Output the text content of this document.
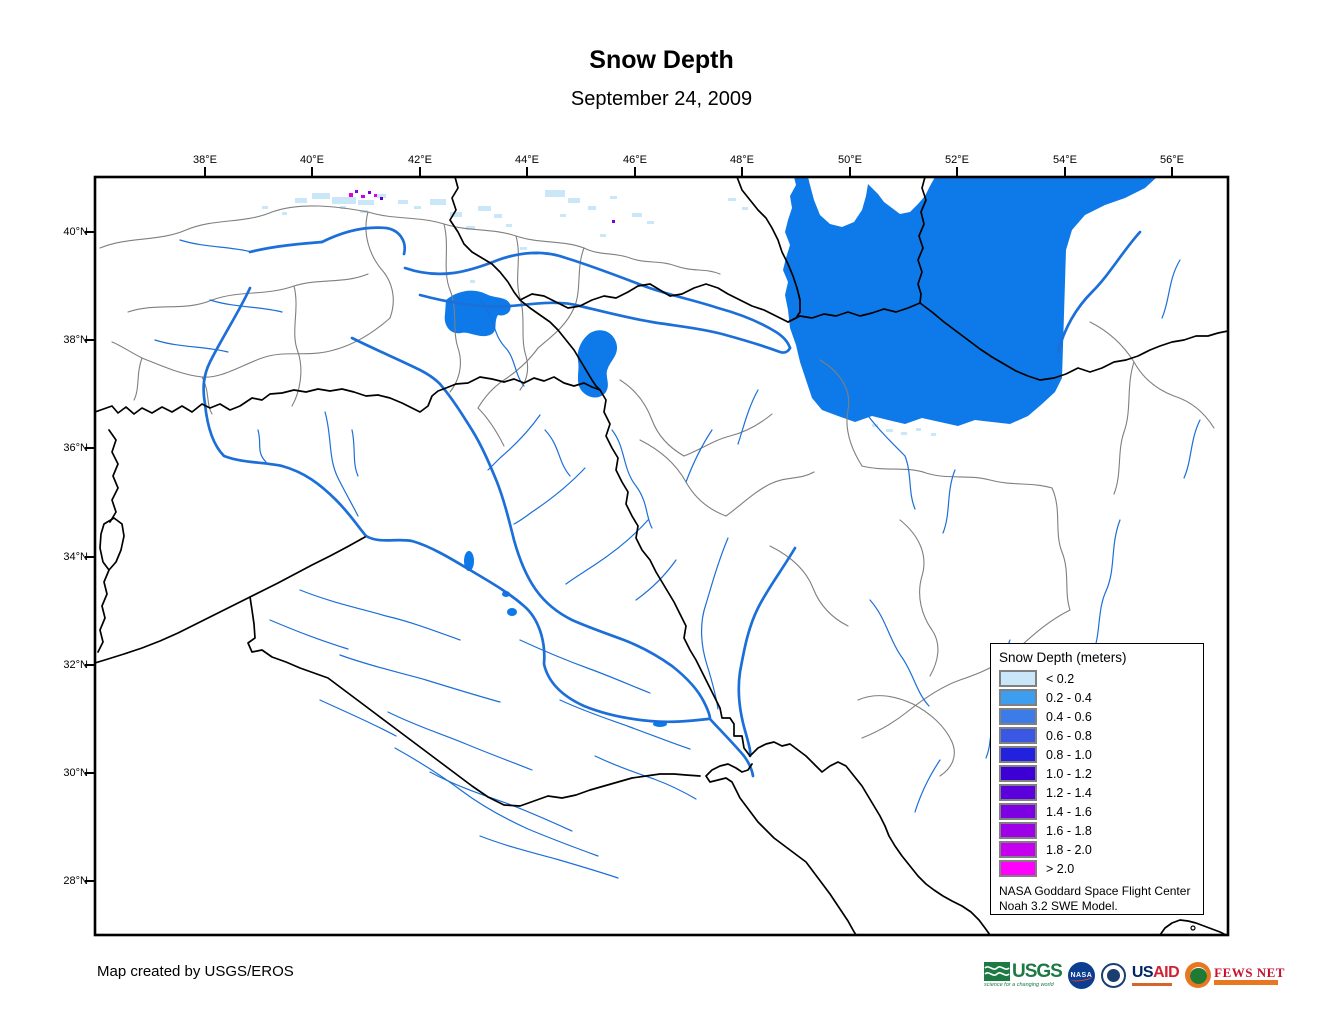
Snow Depth
September 24, 2009
38°E	40°E	42°E	44°E	46°E	48°E	50°E	52°E	54°E	56°E
40°N
38°N
36°N
34°N
32°N
30°N
28°N
Snow Depth (meters)
< 0.2
0.2 - 0.4
0.4 - 0.6
0.6 - 0.8
0.8 - 1.0
1.0 - 1.2
1.2 - 1.4
1.4 - 1.6
1.6 - 1.8
1.8 - 2.0
> 2.0
NASA Goddard Space Flight Center
Noah 3.2 SWE Model.
Map created by USGS/EROS	USGS
science for a changing world
NASA USAID	FEWS NET
